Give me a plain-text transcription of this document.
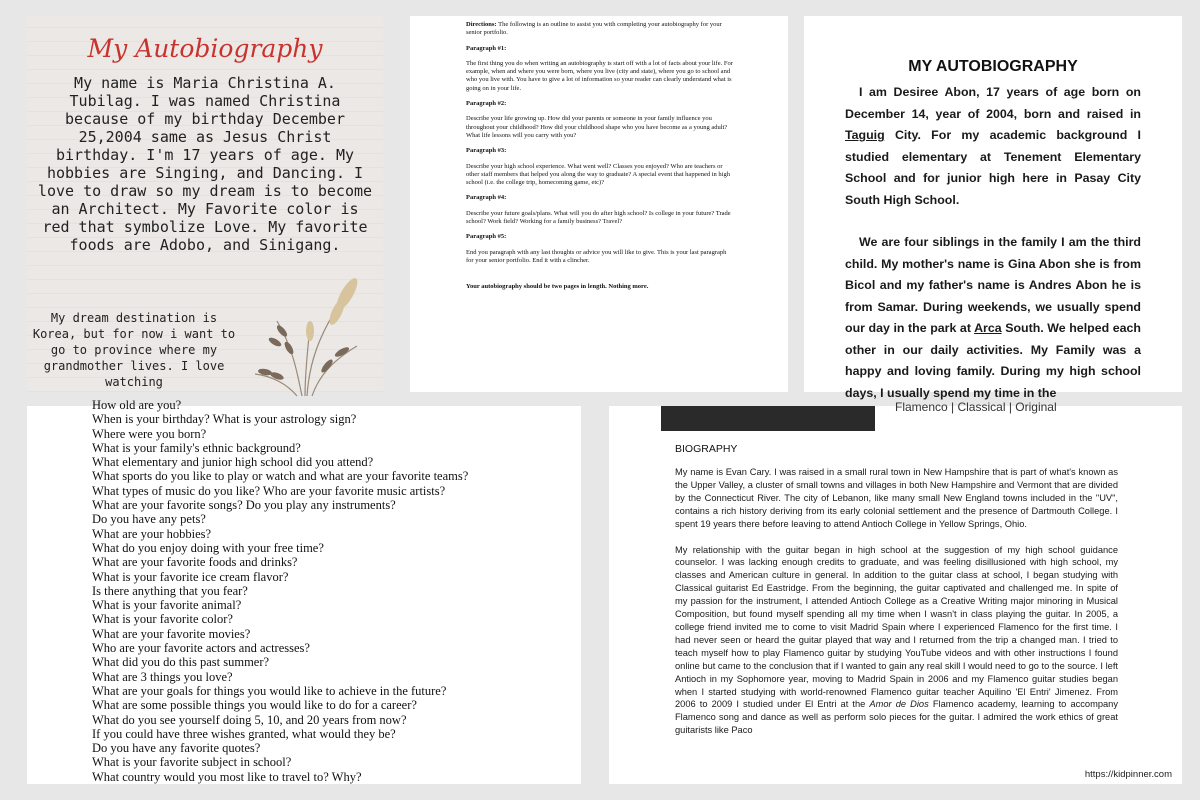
My Autobiography
My name is Maria Christina A. Tubilag. I was named Christina because of my birthday December 25,2004 same as Jesus Christ birthday. I'm 17 years of age. My hobbies are Singing, and Dancing. I love to draw so my dream is to become an Architect. My Favorite color is red that symbolize Love. My favorite foods are Adobo, and Sinigang.
My dream destination is Korea, but for now i want to go to province where my grandmother lives. I love watching

Directions: The following is an outline to assist you with completing your autobiography for your senior portfolio.

Paragraph #1:

The first thing you do when writing an autobiography is start off with a lot of facts about your life. For example, when and where you were born, where you live (city and state), where you go to school and who you live with. You have to give a lot of information so your reader can clearly understand what is going on in your life.

Paragraph #2:

Describe your life growing up. How did your parents or someone in your family influence you throughout your childhood? How did your childhood shape who you have become as a young adult? What life lessons will you carry with you?

Paragraph #3:

Describe your high school experience. What went well? Classes you enjoyed? Who are teachers or other staff members that helped you along the way to graduate? A special event that happened in high school (i.e. the college trip, homecoming game, etc)?

Paragraph #4:

Describe your future goals/plans. What will you do after high school? Is college in your future? Trade school? Work field? Working for a family business? Travel?

Paragraph #5:

End you paragraph with any last thoughts or advice you will like to give. This is your last paragraph for your senior portfolio. End it with a clincher.

Your autobiography should be two pages in length. Nothing more.

MY AUTOBIOGRAPHY

I am Desiree Abon, 17 years of age born on December 14, year of 2004, born and raised in Taguig City. For my academic background I studied elementary at Tenement Elementary School and for junior high here in Pasay City South High School.

We are four siblings in the family I am the third child. My mother's name is Gina Abon she is from Bicol and my father's name is Andres Abon he is from Samar. During weekends, we usually spend our day in the park at Arca South. We helped each other in our daily activities. My Family was a happy and loving family. During my high school days, I usually spend my time in the

How old are you?
When is your birthday? What is your astrology sign?
Where were you born?
What is your family's ethnic background?
What elementary and junior high school did you attend?
What sports do you like to play or watch and what are your favorite teams?
What types of music do you like? Who are your favorite music artists?
What are your favorite songs? Do you play any instruments?
Do you have any pets?
What are your hobbies?
What do you enjoy doing with your free time?
What are your favorite foods and drinks?
What is your favorite ice cream flavor?
Is there anything that you fear?
What is your favorite animal?
What is your favorite color?
What are your favorite movies?
Who are your favorite actors and actresses?
What did you do this past summer?
What are 3 things you love?
What are your goals for things you would like to achieve in the future?
What are some possible things you would like to do for a career?
What do you see yourself doing 5, 10, and 20 years from now?
If you could have three wishes granted, what would they be?
Do you have any favorite quotes?
What is your favorite subject in school?
What country would you most like to travel to? Why?
Flamenco | Classical | Original
BIOGRAPHY

My name is Evan Cary. I was raised in a small rural town in New Hampshire that is part of what's known as the Upper Valley, a cluster of small towns and villages in both New Hampshire and Vermont that are divided by the Connecticut River. The city of Lebanon, like many small New England towns included in the "UV", contains a rich history deriving from its early colonial settlement and the presence of Dartmouth College. I spent 19 years there before leaving to attend Antioch College in Yellow Springs, Ohio.

My relationship with the guitar began in high school at the suggestion of my high school guidance counselor. I was lacking enough credits to graduate, and was feeling disillusioned with high school, my classes and American culture in general. In addition to the guitar class at school, I began studying with Classical guitarist Ed Eastridge. From the beginning, the guitar captivated and challenged me. In spite of my passion for the instrument, I attended Antioch College as a Creative Writing major minoring in Musical Composition, but found myself spending all my time when I wasn't in class playing the guitar. In 2005, a college friend invited me to come to visit Madrid Spain where I experienced Flamenco for the first time. I had never seen or heard the guitar played that way and I returned from the trip a changed man. I tried to teach myself how to play Flamenco guitar by studying YouTube videos and with other instructions I found online but came to the conclusion that if I wanted to gain any real skill I would need to go to the source. I left Antioch in my Sophomore year, moving to Madrid Spain in 2006 and my Flamenco guitar studies began when I started studying with world-renowned Flamenco guitar teacher Aquilino 'El Entri' Jimenez. From 2006 to 2009 I studied under El Entri at the Amor de Dios Flamenco academy, learning to accompany Flamenco song and dance as well as perform solo pieces for the guitar. I admired the work ethics of great guitarists like Paco

https://kidpinner.com
